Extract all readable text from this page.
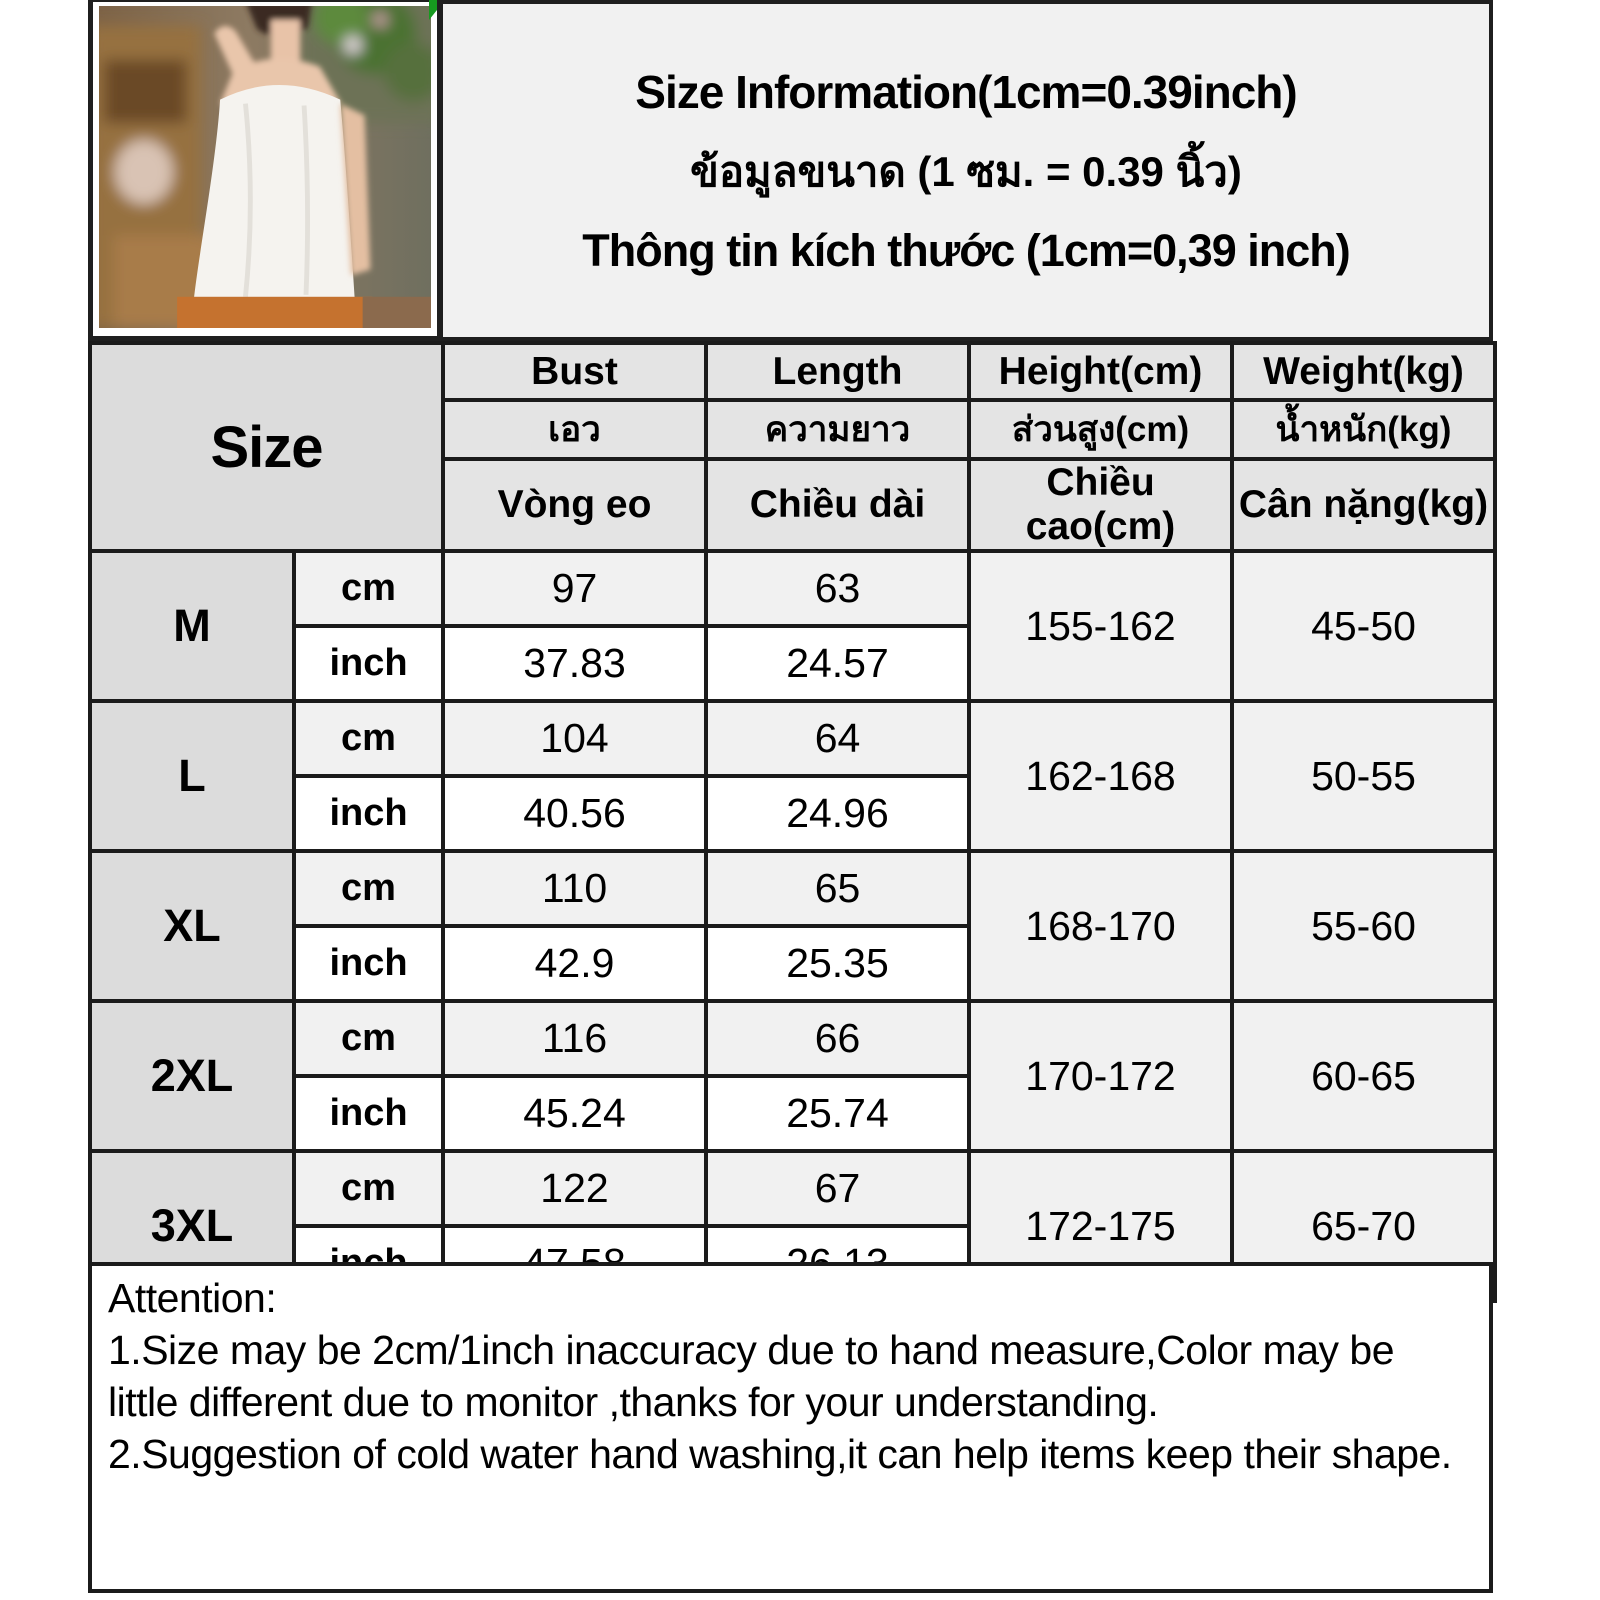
Size Information(1cm=0.39inch)
ข้อมูลขนาด (1 ซม. = 0.39 นิ้ว)
Thông tin kích thước (1cm=0,39 inch)
Size		Bust	Length	Height(cm)	Weight(kg)
		เอว	ความยาว	ส่วนสูง(cm)	น้ำหนัก(kg)
		Vòng eo	Chiều dài	Chiều cao(cm)	Cân nặng(kg)
M	cm	97	63	155-162	45-50
	inch	37.83	24.57		
L	cm	104	64	162-168	50-55
	inch	40.56	24.96		
XL	cm	110	65	168-170	55-60
	inch	42.9	25.35		
2XL	cm	116	66	170-172	60-65
	inch	45.24	25.74		
3XL	cm	122	67	172-175	65-70

Attention:

1.Size may be 2cm/1inch inaccuracy due to hand measure,Color may be little different due to monitor ,thanks for your understanding.

2.Suggestion of cold water hand washing,it can help items keep their shape.
